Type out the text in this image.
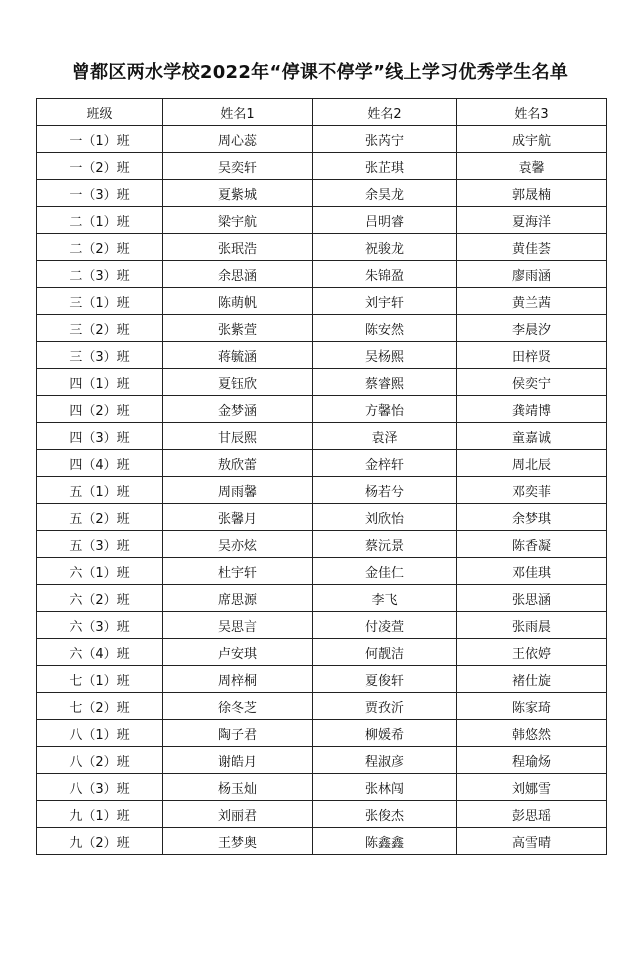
曾都区两水学校2022年“停课不停学”线上学习优秀学生名单
班级	姓名1	姓名2	姓名3
一（1）班	周心蕊	张芮宁	成宇航
一（2）班	吴奕轩	张芷琪	袁馨
一（3）班	夏紫城	余昊龙	郭晟楠
二（1）班	梁宇航	吕明睿	夏海洋
二（2）班	张珉浩	祝骏龙	黄佳荟
二（3）班	余思涵	朱锦盈	廖雨涵
三（1）班	陈萌帆	刘宇轩	黄兰茜
三（2）班	张紫萱	陈安然	李晨汐
三（3）班	蒋毓涵	吴杨熙	田梓贤
四（1）班	夏钰欣	蔡睿熙	侯奕宁
四（2）班	金梦涵	方馨怡	龚靖博
四（3）班	甘辰熙	袁泽	童嘉诚
四（4）班	敖欣蕾	金梓轩	周北辰
五（1）班	周雨馨	杨若兮	邓奕菲
五（2）班	张馨月	刘欣怡	余梦琪
五（3）班	吴亦炫	蔡沅景	陈香凝
六（1）班	杜宇轩	金佳仁	邓佳琪
六（2）班	席思源	李飞	张思涵
六（3）班	吴思言	付凌萱	张雨晨
六（4）班	卢安琪	何靓洁	王依婷
七（1）班	周梓桐	夏俊轩	褚仕旋
七（2）班	徐冬芝	贾孜沂	陈家琦
八（1）班	陶子君	柳媛希	韩悠然
八（2）班	谢皓月	程淑彦	程瑜炀
八（3）班	杨玉灿	张林闯	刘娜雪
九（1）班	刘丽君	张俊杰	彭思瑶
九（2）班	王梦奥	陈鑫鑫	高雪晴
